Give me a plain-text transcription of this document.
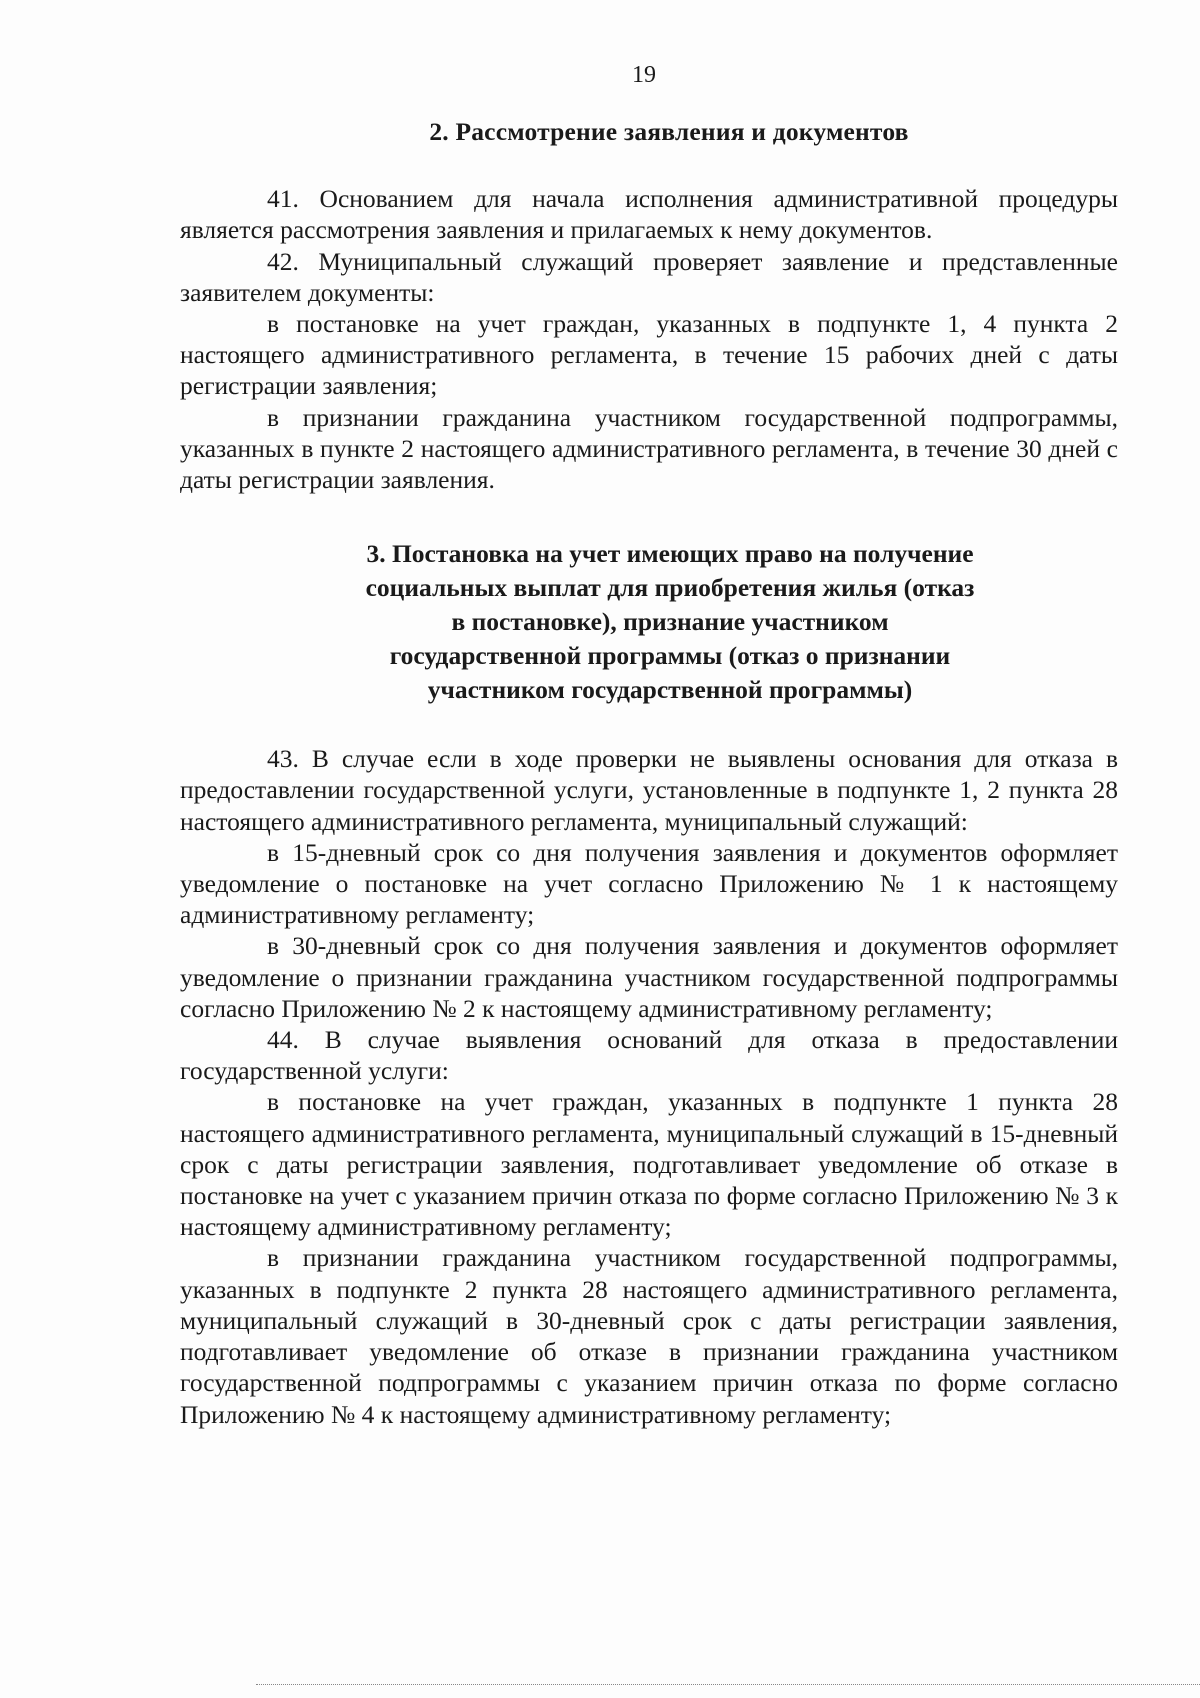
19

2. Рассмотрение заявления и документов

41. Основанием для начала исполнения административной процедуры является рассмотрения заявления и прилагаемых к нему документов.

42. Муниципальный служащий проверяет заявление и представленные заявителем документы:

в постановке на учет граждан, указанных в подпункте 1, 4 пункта 2 настоящего административного регламента, в течение 15 рабочих дней с даты регистрации заявления;

в признании гражданина участником государственной подпрограммы, указанных в пункте 2 настоящего административного регламента, в течение 30 дней с даты регистрации заявления.

3. Постановка на учет имеющих право на получение социальных выплат для приобретения жилья (отказ в постановке), признание участником государственной программы (отказ о признании участником государственной программы)

43. В случае если в ходе проверки не выявлены основания для отказа в предоставлении государственной услуги, установленные в подпункте 1, 2 пункта 28 настоящего административного регламента, муниципальный служащий:

в 15-дневный срок со дня получения заявления и документов оформляет уведомление о постановке на учет согласно Приложению № 1 к настоящему административному регламенту;

в 30-дневный срок со дня получения заявления и документов оформляет уведомление о признании гражданина участником государственной подпрограммы согласно Приложению № 2 к настоящему административному регламенту;

44. В случае выявления оснований для отказа в предоставлении государственной услуги:

в постановке на учет граждан, указанных в подпункте 1 пункта 28 настоящего административного регламента, муниципальный служащий в 15-дневный срок с даты регистрации заявления, подготавливает уведомление об отказе в постановке на учет с указанием причин отказа по форме согласно Приложению № 3 к настоящему административному регламенту;

в признании гражданина участником государственной подпрограммы, указанных в подпункте 2 пункта 28 настоящего административного регламента, муниципальный служащий в 30-дневный срок с даты регистрации заявления, подготавливает уведомление об отказе в признании гражданина участником государственной подпрограммы с указанием причин отказа по форме согласно Приложению № 4 к настоящему административному регламенту;
